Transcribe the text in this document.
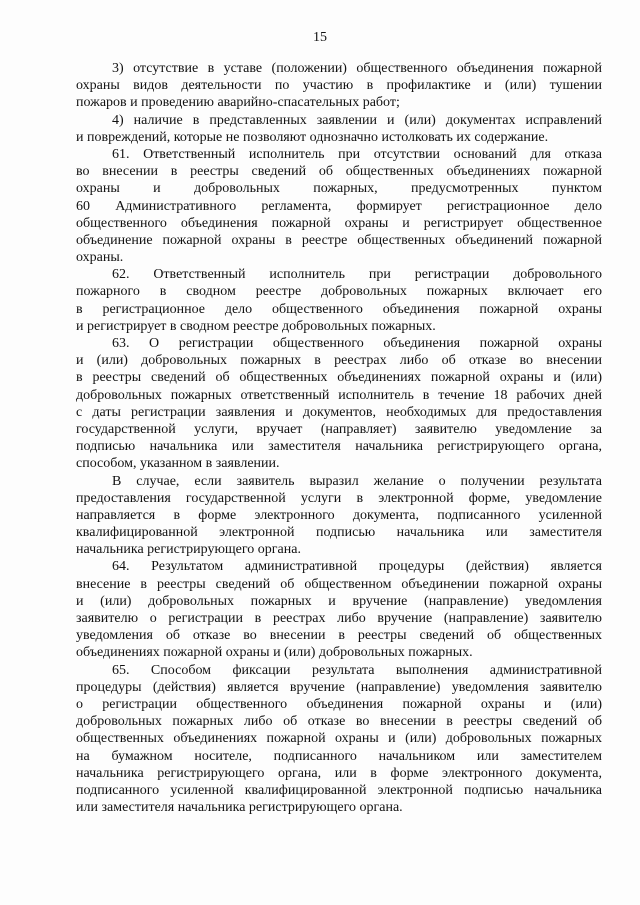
15
3) отсутствие в уставе (положении) общественного объединения пожарной
охраны видов деятельности по участию в профилактике и (или) тушении
пожаров и проведению аварийно-спасательных работ;
4) наличие в представленных заявлении и (или) документах исправлений
и повреждений, которые не позволяют однозначно истолковать их содержание.
61. Ответственный исполнитель при отсутствии оснований для отказа
во внесении в реестры сведений об общественных объединениях пожарной
охраны и добровольных пожарных, предусмотренных пунктом
60 Административного регламента, формирует регистрационное дело
общественного объединения пожарной охраны и регистрирует общественное
объединение пожарной охраны в реестре общественных объединений пожарной
охраны.
62. Ответственный исполнитель при регистрации добровольного
пожарного в сводном реестре добровольных пожарных включает его
в регистрационное дело общественного объединения пожарной охраны
и регистрирует в сводном реестре добровольных пожарных.
63. О регистрации общественного объединения пожарной охраны
и (или) добровольных пожарных в реестрах либо об отказе во внесении
в реестры сведений об общественных объединениях пожарной охраны и (или)
добровольных пожарных ответственный исполнитель в течение 18 рабочих дней
с даты регистрации заявления и документов, необходимых для предоставления
государственной услуги, вручает (направляет) заявителю уведомление за
подписью начальника или заместителя начальника регистрирующего органа,
способом, указанном в заявлении.
В случае, если заявитель выразил желание о получении результата
предоставления государственной услуги в электронной форме, уведомление
направляется в форме электронного документа, подписанного усиленной
квалифицированной электронной подписью начальника или заместителя
начальника регистрирующего органа.
64. Результатом административной процедуры (действия) является
внесение в реестры сведений об общественном объединении пожарной охраны
и (или) добровольных пожарных и вручение (направление) уведомления
заявителю о регистрации в реестрах либо вручение (направление) заявителю
уведомления об отказе во внесении в реестры сведений об общественных
объединениях пожарной охраны и (или) добровольных пожарных.
65. Способом фиксации результата выполнения административной
процедуры (действия) является вручение (направление) уведомления заявителю
о регистрации общественного объединения пожарной охраны и (или)
добровольных пожарных либо об отказе во внесении в реестры сведений об
общественных объединениях пожарной охраны и (или) добровольных пожарных
на бумажном носителе, подписанного начальником или заместителем
начальника регистрирующего органа, или в форме электронного документа,
подписанного усиленной квалифицированной электронной подписью начальника
или заместителя начальника регистрирующего органа.
